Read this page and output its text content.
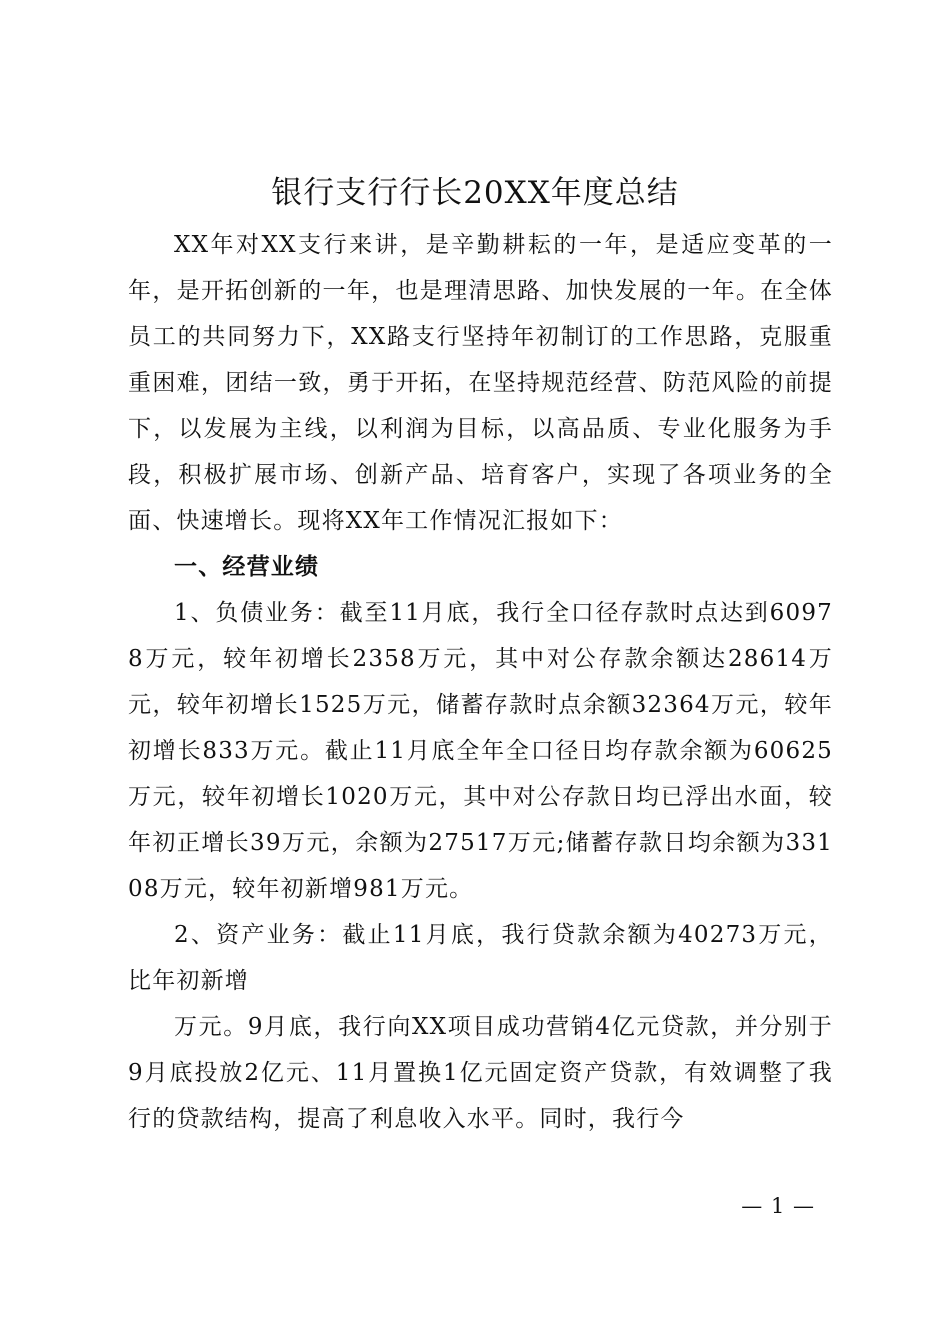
银行支行行长20XX年度总结

XX年对XX支行来讲，是辛勤耕耘的一年，是适应变革的一年，是开拓创新的一年，也是理清思路、加快发展的一年。在全体员工的共同努力下，XX路支行坚持年初制订的工作思路，克服重重困难，团结一致，勇于开拓，在坚持规范经营、防范风险的前提下，以发展为主线，以利润为目标，以高品质、专业化服务为手段，积极扩展市场、创新产品、培育客户，实现了各项业务的全面、快速增长。现将XX年工作情况汇报如下：

一、经营业绩

1、负债业务：截至11月底，我行全口径存款时点达到60978万元，较年初增长2358万元，其中对公存款余额达28614万元，较年初增长1525万元，储蓄存款时点余额32364万元，较年初增长833万元。截止11月底全年全口径日均存款余额为60625万元，较年初增长1020万元，其中对公存款日均已浮出水面，较年初正增长39万元，余额为27517万元;储蓄存款日均余额为33108万元，较年初新增981万元。

2、资产业务：截止11月底，我行贷款余额为40273万元，比年初新增

万元。9月底，我行向XX项目成功营销4亿元贷款，并分别于9月底投放2亿元、11月置换1亿元固定资产贷款，有效调整了我行的贷款结构，提高了利息收入水平。同时，我行今

— 1 —
